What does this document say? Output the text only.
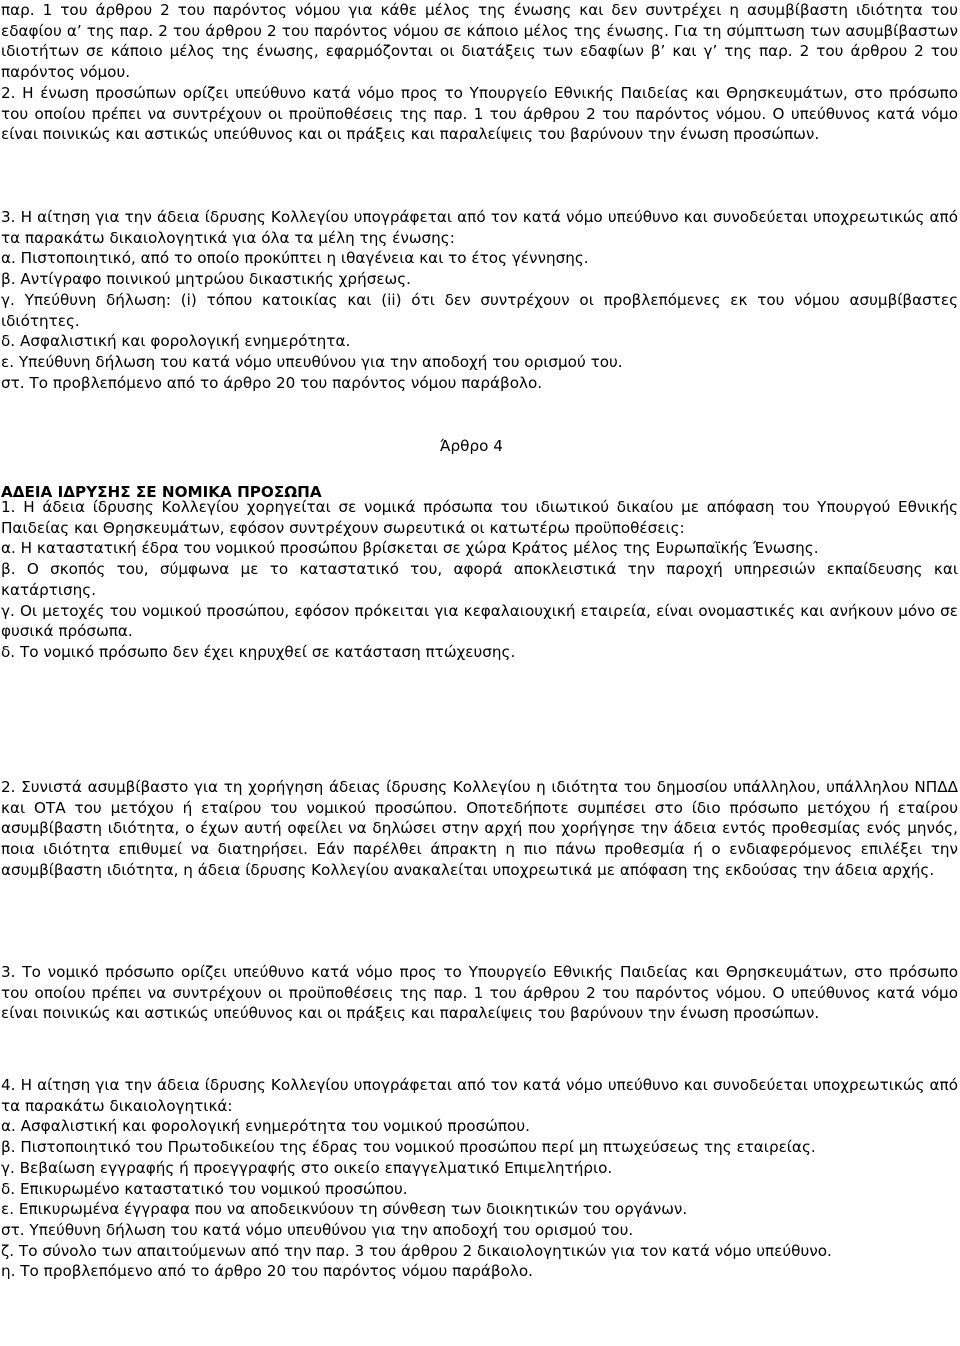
παρ. 1 του άρθρου 2 του παρόντος νόμου για κάθε μέλος της ένωσης και δεν συντρέχει η ασυμβίβαστη ιδιότητα του εδαφίου α’ της παρ. 2 του άρθρου 2 του παρόντος νόμου σε κάποιο μέλος της ένωσης. Για τη σύμπτωση των ασυμβίβαστων ιδιοτήτων σε κάποιο μέλος της ένωσης, εφαρμόζονται οι διατάξεις των εδαφίων β’ και γ’ της παρ. 2 του άρθρου 2 του παρόντος νόμου.

2. Η ένωση προσώπων ορίζει υπεύθυνο κατά νόμο προς το Υπουργείο Εθνικής Παιδείας και Θρησκευμάτων, στο πρόσωπο του οποίου πρέπει να συντρέχουν οι προϋποθέσεις της παρ. 1 του άρθρου 2 του παρόντος νόμου. Ο υπεύθυνος κατά νόμο είναι ποινικώς και αστικώς υπεύθυνος και οι πράξεις και παραλείψεις του βαρύνουν την ένωση προσώπων.

3. Η αίτηση για την άδεια ίδρυσης Κολλεγίου υπογράφεται από τον κατά νόμο υπεύθυνο και συνοδεύεται υποχρεωτικώς από τα παρακάτω δικαιολογητικά για όλα τα μέλη της ένωσης:
α. Πιστοποιητικό, από το οποίο προκύπτει η ιθαγένεια και το έτος γέννησης.
β. Αντίγραφο ποινικού μητρώου δικαστικής χρήσεως.
γ. Υπεύθυνη δήλωση: (i) τόπου κατοικίας και (ii) ότι δεν συντρέχουν οι προβλεπόμενες εκ του νόμου ασυμβίβαστες ιδιότητες.
δ. Ασφαλιστική και φορολογική ενημερότητα.
ε. Υπεύθυνη δήλωση του κατά νόμο υπευθύνου για την αποδοχή του ορισμού του.
στ. Το προβλεπόμενο από το άρθρο 20 του παρόντος νόμου παράβολο.
Άρθρο 4
ΑΔΕΙΑ ΙΔΡΥΣΗΣ ΣΕ ΝΟΜΙΚΑ ΠΡΟΣΩΠΑ
1. Η άδεια ίδρυσης Κολλεγίου χορηγείται σε νομικά πρόσωπα του ιδιωτικού δικαίου με απόφαση του Υπουργού Εθνικής Παιδείας και Θρησκευμάτων, εφόσον συντρέχουν σωρευτικά οι κατωτέρω προϋποθέσεις:
α. Η καταστατική έδρα του νομικού προσώπου βρίσκεται σε χώρα Κράτος μέλος της Ευρωπαϊκής Ένωσης.
β. Ο σκοπός του, σύμφωνα με το καταστατικό του, αφορά αποκλειστικά την παροχή υπηρεσιών εκπαίδευσης και κατάρτισης.
γ. Οι μετοχές του νομικού προσώπου, εφόσον πρόκειται για κεφαλαιουχική εταιρεία, είναι ονομαστικές και ανήκουν μόνο σε φυσικά πρόσωπα.
δ. Το νομικό πρόσωπο δεν έχει κηρυχθεί σε κατάσταση πτώχευσης.

2. Συνιστά ασυμβίβαστο για τη χορήγηση άδειας ίδρυσης Κολλεγίου η ιδιότητα του δημοσίου υπάλληλου, υπάλληλου ΝΠΔΔ και ΟΤΑ του μετόχου ή εταίρου του νομικού προσώπου. Οποτεδήποτε συμπέσει στο ίδιο πρόσωπο μετόχου ή εταίρου ασυμβίβαστη ιδιότητα, ο έχων αυτή οφείλει να δηλώσει στην αρχή που χορήγησε την άδεια εντός προθεσμίας ενός μηνός, ποια ιδιότητα επιθυμεί να διατηρήσει. Εάν παρέλθει άπρακτη η πιο πάνω προθεσμία ή ο ενδιαφερόμενος επιλέξει την ασυμβίβαστη ιδιότητα, η άδεια ίδρυσης Κολλεγίου ανακαλείται υποχρεωτικά με απόφαση της εκδούσας την άδεια αρχής.

3. Το νομικό πρόσωπο ορίζει υπεύθυνο κατά νόμο προς το Υπουργείο Εθνικής Παιδείας και Θρησκευμάτων, στο πρόσωπο του οποίου πρέπει να συντρέχουν οι προϋποθέσεις της παρ. 1 του άρθρου 2 του παρόντος νόμου. Ο υπεύθυνος κατά νόμο είναι ποινικώς και αστικώς υπεύθυνος και οι πράξεις και παραλείψεις του βαρύνουν την ένωση προσώπων.

4. Η αίτηση για την άδεια ίδρυσης Κολλεγίου υπογράφεται από τον κατά νόμο υπεύθυνο και συνοδεύεται υποχρεωτικώς από τα παρακάτω δικαιολογητικά:
α. Ασφαλιστική και φορολογική ενημερότητα του νομικού προσώπου.
β. Πιστοποιητικό του Πρωτοδικείου της έδρας του νομικού προσώπου περί μη πτωχεύσεως της εταιρείας.
γ. Βεβαίωση εγγραφής ή προεγγραφής στο οικείο επαγγελματικό Επιμελητήριο.
δ. Επικυρωμένο καταστατικό του νομικού προσώπου.
ε. Επικυρωμένα έγγραφα που να αποδεικνύουν τη σύνθεση των διοικητικών του οργάνων.
στ. Υπεύθυνη δήλωση του κατά νόμο υπευθύνου για την αποδοχή του ορισμού του.
ζ. Το σύνολο των απαιτούμενων από την παρ. 3 του άρθρου 2 δικαιολογητικών για τον κατά νόμο υπεύθυνο.
η. Το προβλεπόμενο από το άρθρο 20 του παρόντος νόμου παράβολο.
